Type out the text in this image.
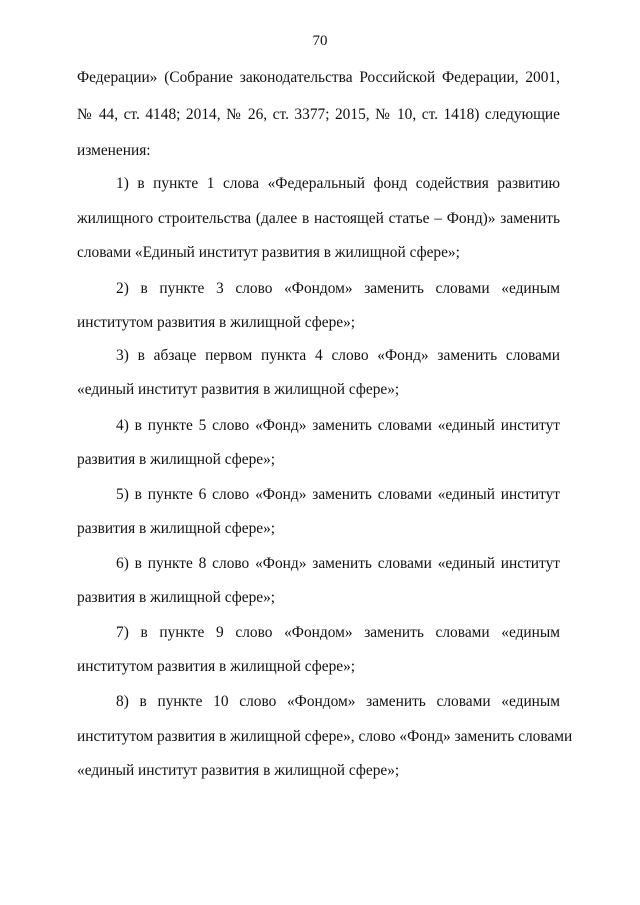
70
Федерации» (Собрание законодательства Российской Федерации, 2001,
№ 44, ст. 4148; 2014, № 26, ст. 3377; 2015, № 10, ст. 1418) следующие
изменения:
1) в пункте 1 слова «Федеральный фонд содействия развитию
жилищного строительства (далее в настоящей статье – Фонд)» заменить
словами «Единый институт развития в жилищной сфере»;
2) в пункте 3 слово «Фондом» заменить словами «единым
институтом развития в жилищной сфере»;
3) в абзаце первом пункта 4 слово «Фонд» заменить словами
«единый институт развития в жилищной сфере»;
4) в пункте 5 слово «Фонд» заменить словами «единый институт
развития в жилищной сфере»;
5) в пункте 6 слово «Фонд» заменить словами «единый институт
развития в жилищной сфере»;
6) в пункте 8 слово «Фонд» заменить словами «единый институт
развития в жилищной сфере»;
7) в пункте 9 слово «Фондом» заменить словами «единым
институтом развития в жилищной сфере»;
8) в пункте 10 слово «Фондом» заменить словами «единым
институтом развития в жилищной сфере», слово «Фонд» заменить словами
«единый институт развития в жилищной сфере»;
